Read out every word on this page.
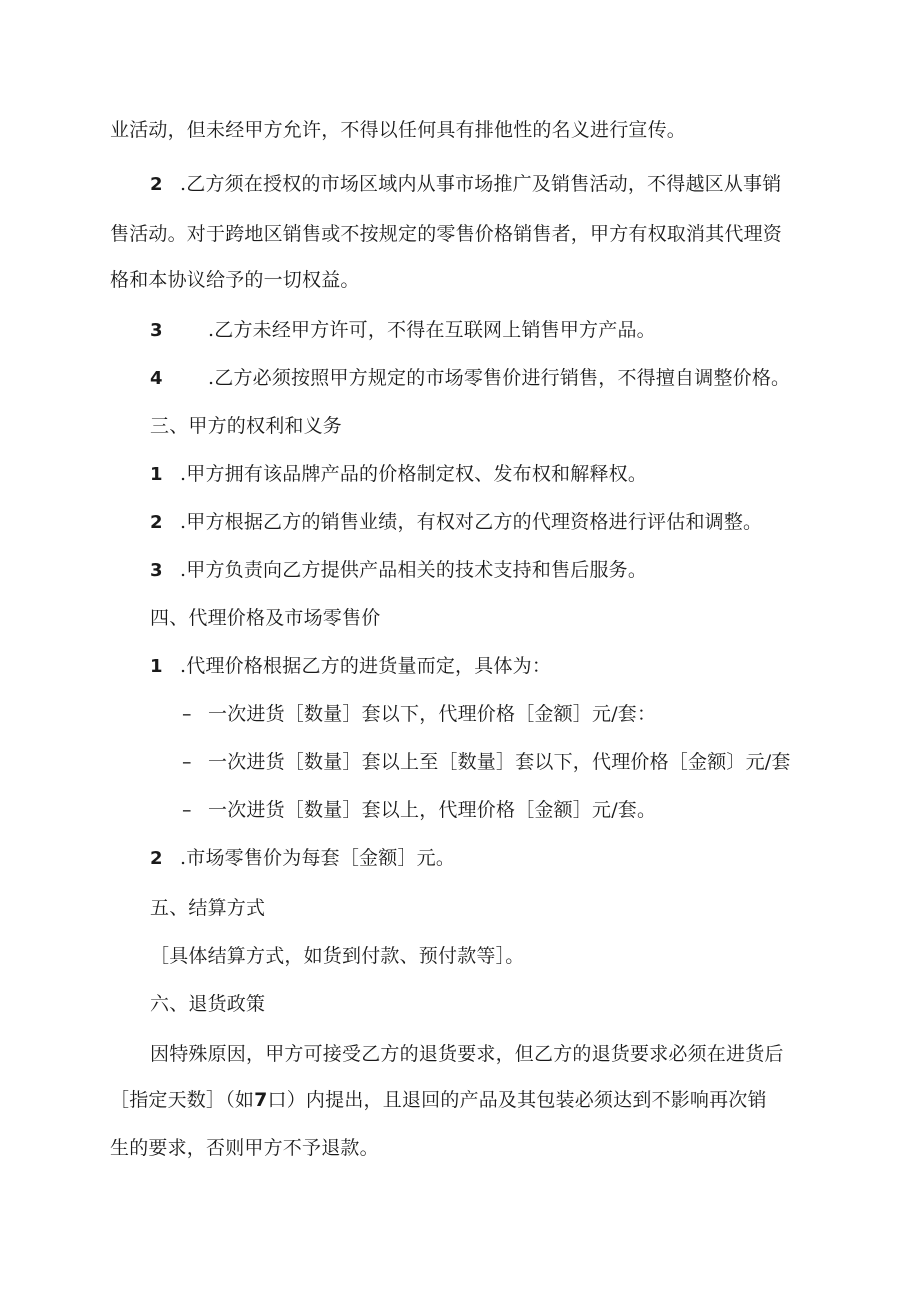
业活动，但未经甲方允许，不得以任何具有排他性的名义进行宣传。
2 .乙方须在授权的市场区域内从事市场推广及销售活动，不得越区从事销
售活动。对于跨地区销售或不按规定的零售价格销售者，甲方有权取消其代理资
格和本协议给予的一切权益。
3 .乙方未经甲方许可，不得在互联网上销售甲方产品。
4 .乙方必须按照甲方规定的市场零售价进行销售，不得擅自调整价格。
三、甲方的权利和义务
1 .甲方拥有该品牌产品的价格制定权、发布权和解释权。
2 .甲方根据乙方的销售业绩，有权对乙方的代理资格进行评估和调整。
3 .甲方负责向乙方提供产品相关的技术支持和售后服务。
四、代理价格及市场零售价
1 .代理价格根据乙方的进货量而定，具体为：
– 一次进货［数量］套以下，代理价格［金额］元/套：
– 一次进货［数量］套以上至［数量］套以下，代理价格［金额〕元/套
– 一次进货［数量］套以上，代理价格［金额］元/套。
2 .市场零售价为每套［金额］元。
五、结算方式
［具体结算方式，如货到付款、预付款等］。
六、退货政策
因特殊原因，甲方可接受乙方的退货要求，但乙方的退货要求必须在进货后
［指定天数］（如7口）内提出，且退回的产品及其包装必须达到不影响再次销
生的要求，否则甲方不予退款。
